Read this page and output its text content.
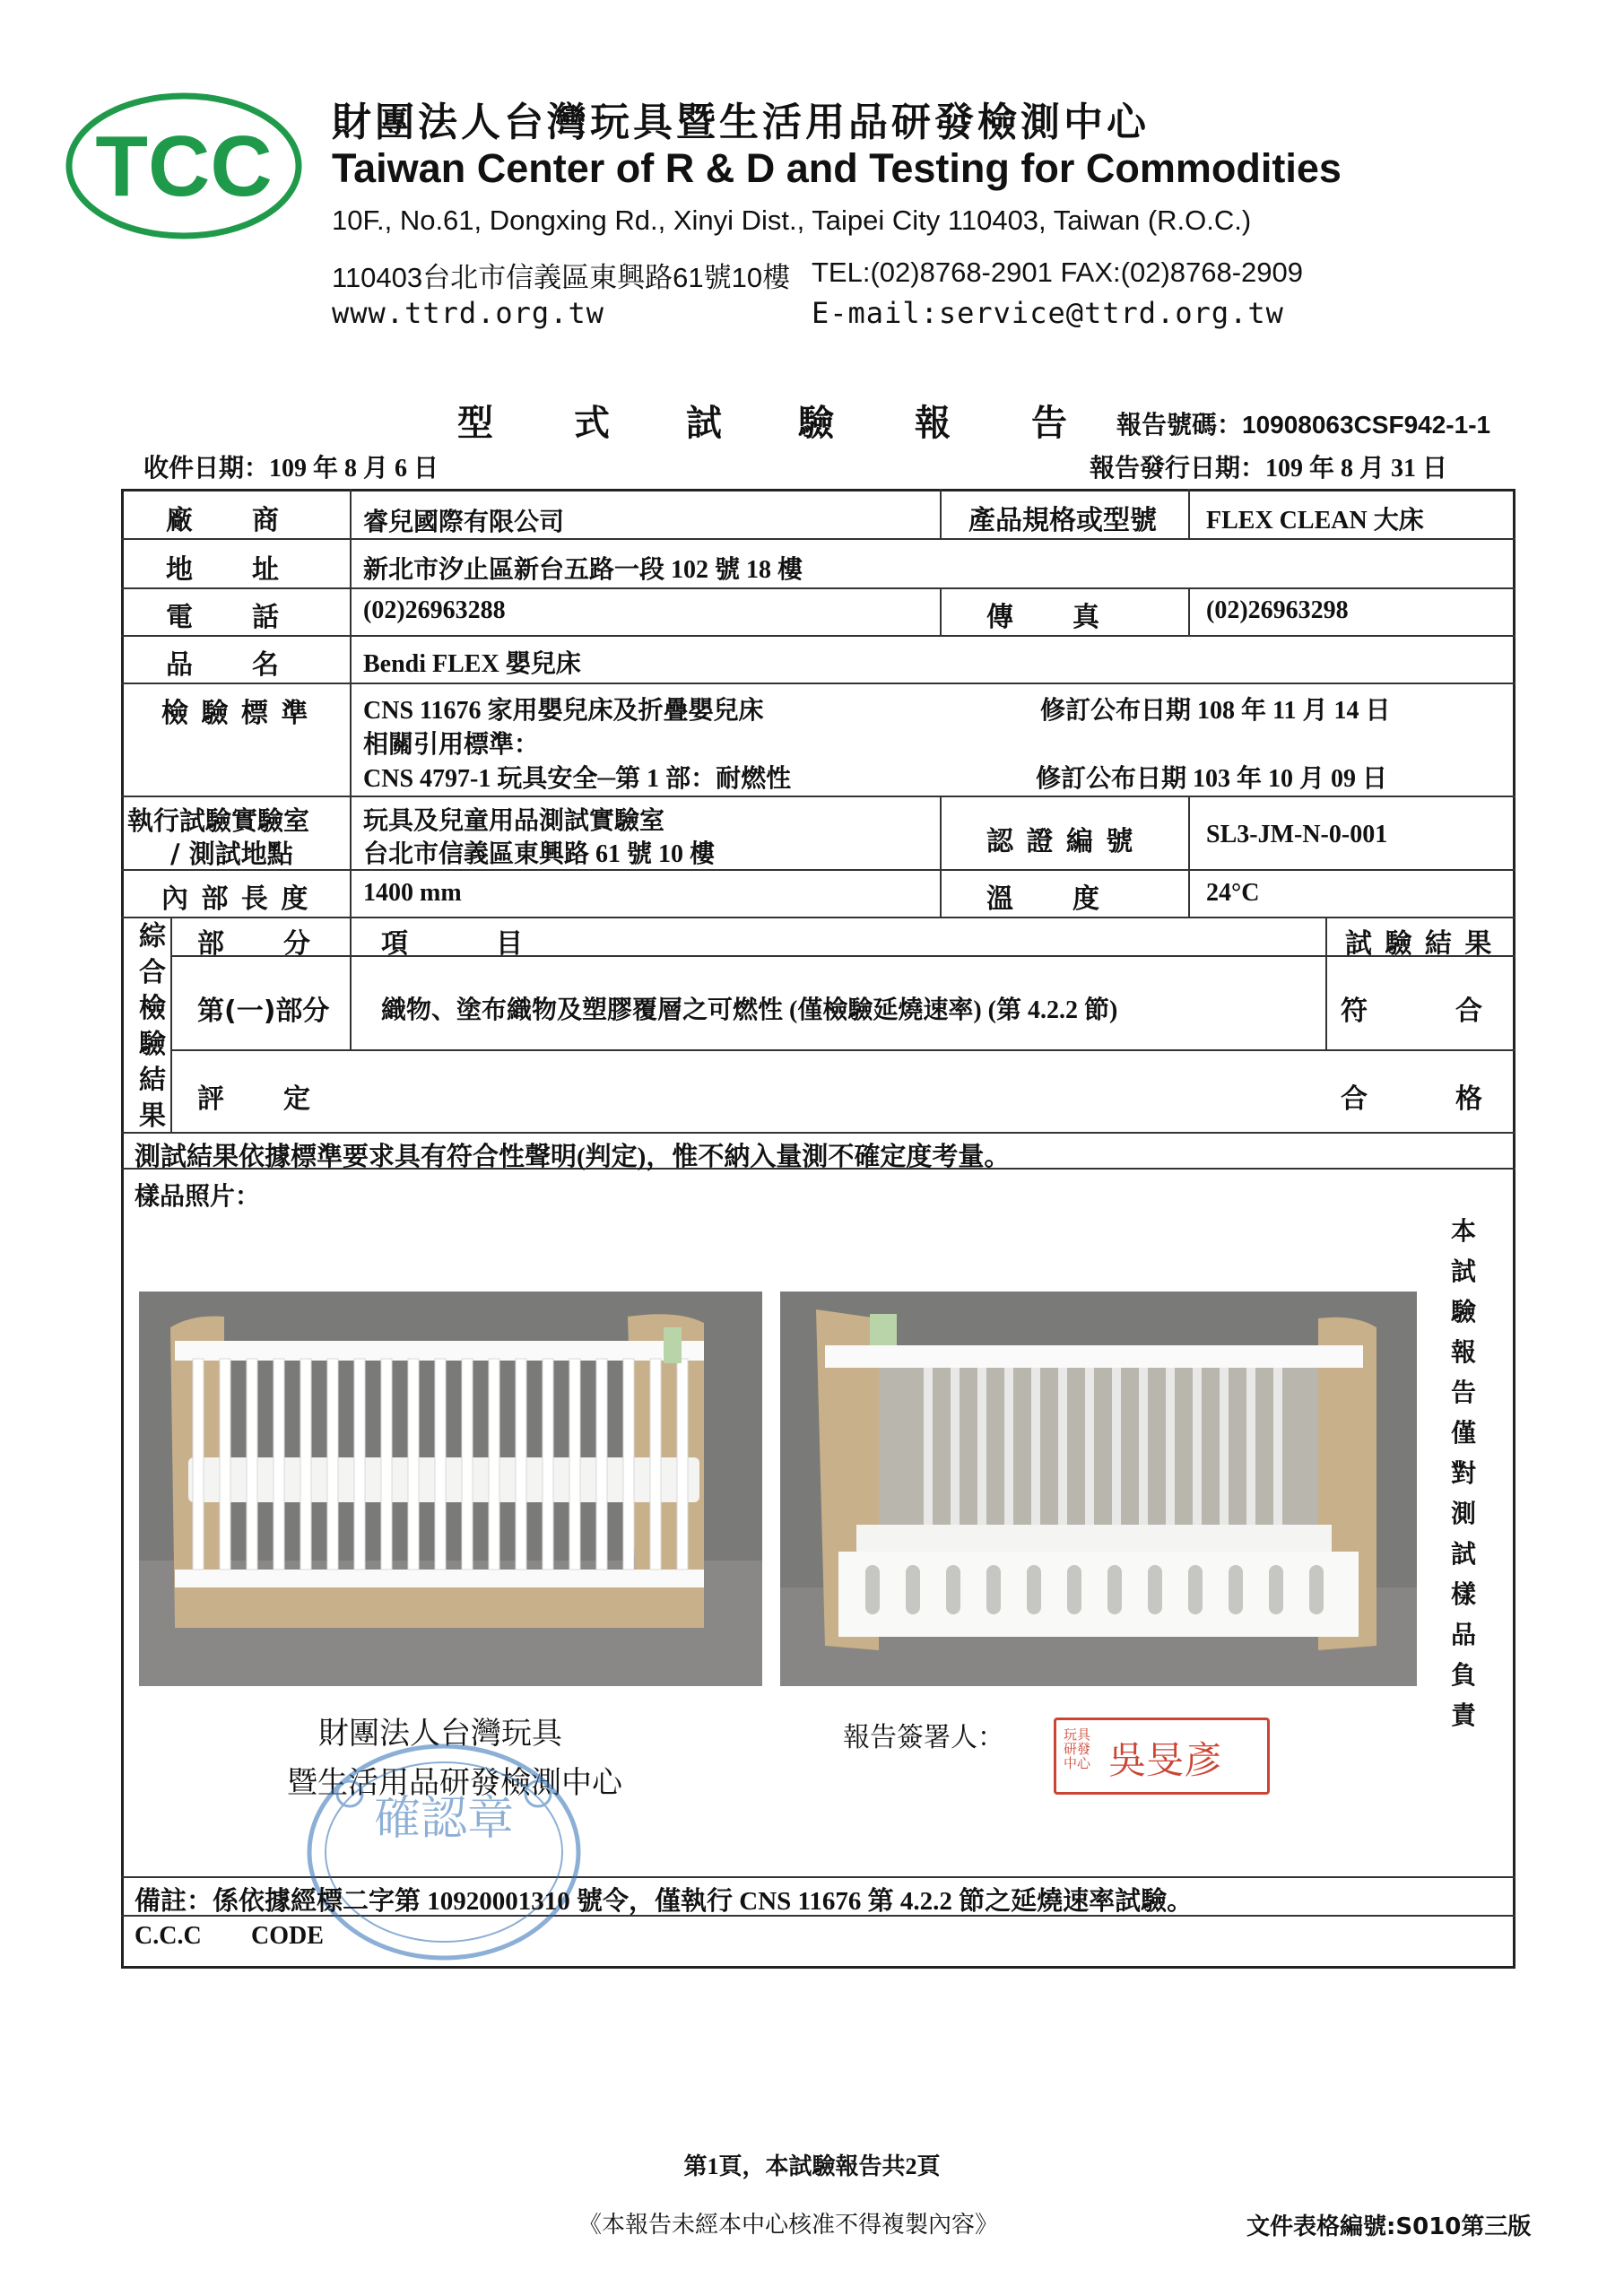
TCC 財團法人台灣玩具暨生活用品研發檢測中心
Taiwan Center of R & D and Testing for Commodities
10F., No.61, Dongxing Rd., Xinyi Dist., Taipei City 110403, Taiwan (R.O.C.)
110403台北市信義區東興路61號10樓 TEL:(02)8768-2901 FAX:(02)8768-2909
www.ttrd.org.tw	E-mail:service@ttrd.org.tw
型 式 試 驗 報 告 報告號碼：10908063CSF942-1-1
收件日期：109 年 8 月 6 日	報告發行日期：109 年 8 月 31 日
廠　　商	睿兒國際有限公司	產品規格或型號 FLEX CLEAN 大床
地　　址	新北市汐止區新台五路一段 102 號 18 樓
電　　話	(02)26963288	傳　　真	(02)26963298
品　　名	Bendi FLEX 嬰兒床
檢 驗 標 準 CNS 11676 家用嬰兒床及折疊嬰兒床	修訂公布日期 108 年 11 月 14 日
相關引用標準：
CNS 4797-1 玩具安全─第 1 部：耐燃性	修訂公布日期 103 年 10 月 09 日
執行試驗實驗室
/ 測試地點
玩具及兒童用品測試實驗室
台北市信義區東興路 61 號 10 樓	認 證 編 號	SL3-JM-N-0-001
內 部 長 度 1400 mm	溫　　度	24°C
綜合檢驗結果
部　　分	項　　　目	試 驗 結 果
第(一)部分 織物、塗布織物及塑膠覆層之可燃性 (僅檢驗延燒速率) (第 4.2.2 節)	符　　　合
評　　定	合　　　格
測試結果依據標準要求具有符合性聲明(判定)，惟不納入量測不確定度考量。
樣品照片：
本試驗報告僅對測試樣品負責
財團法人台灣玩具
暨生活用品研發檢測中心
確認章
報告簽署人：	玩具
研發
中心 吳旻彥
備註：係依據經標二字第 10920001310 號令，僅執行 CNS 11676 第 4.2.2 節之延燒速率試驗。
C.C.C CODE
第1頁，本試驗報告共2頁
《本報告未經本中心核准不得複製內容》	文件表格編號:S010第三版
